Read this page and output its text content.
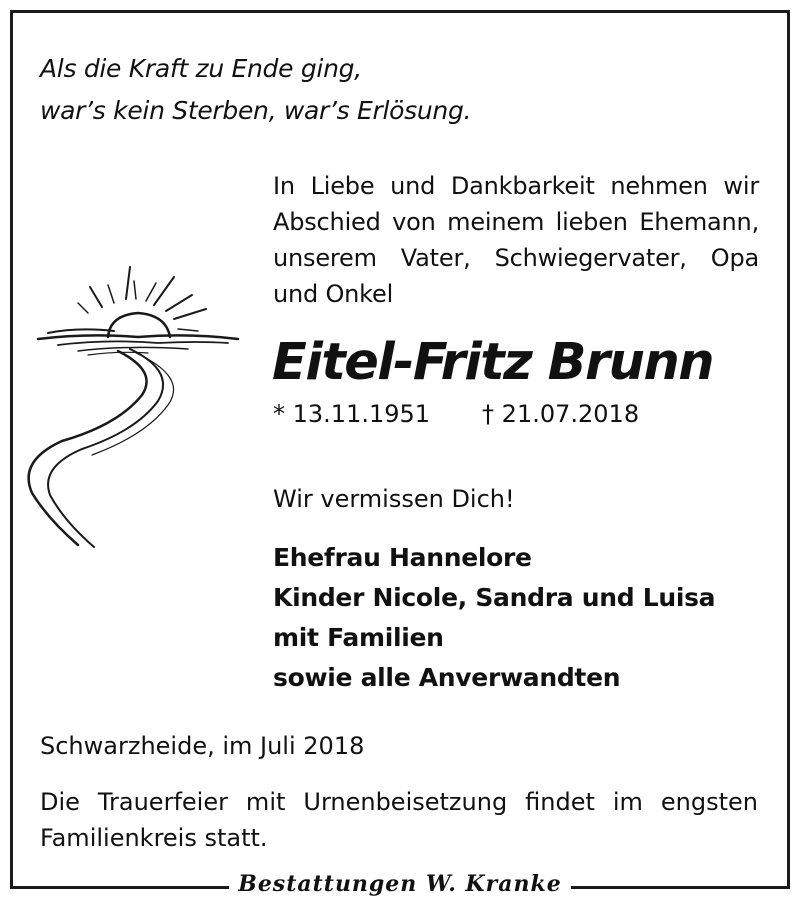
Als die Kraft zu Ende ging,
war’s kein Sterben, war’s Erlösung.
In Liebe und Dankbarkeit nehmen wir
Abschied von meinem lieben Ehemann,
unserem Vater, Schwiegervater, Opa
und Onkel
Eitel-Fritz Brunn
* 13.11.1951 † 21.07.2018
Wir vermissen Dich!
Ehefrau Hannelore
Kinder Nicole, Sandra und Luisa
mit Familien
sowie alle Anverwandten
Schwarzheide, im Juli 2018
Die Trauerfeier mit Urnenbeisetzung findet im engsten
Familienkreis statt.
Bestattungen W. Kranke
